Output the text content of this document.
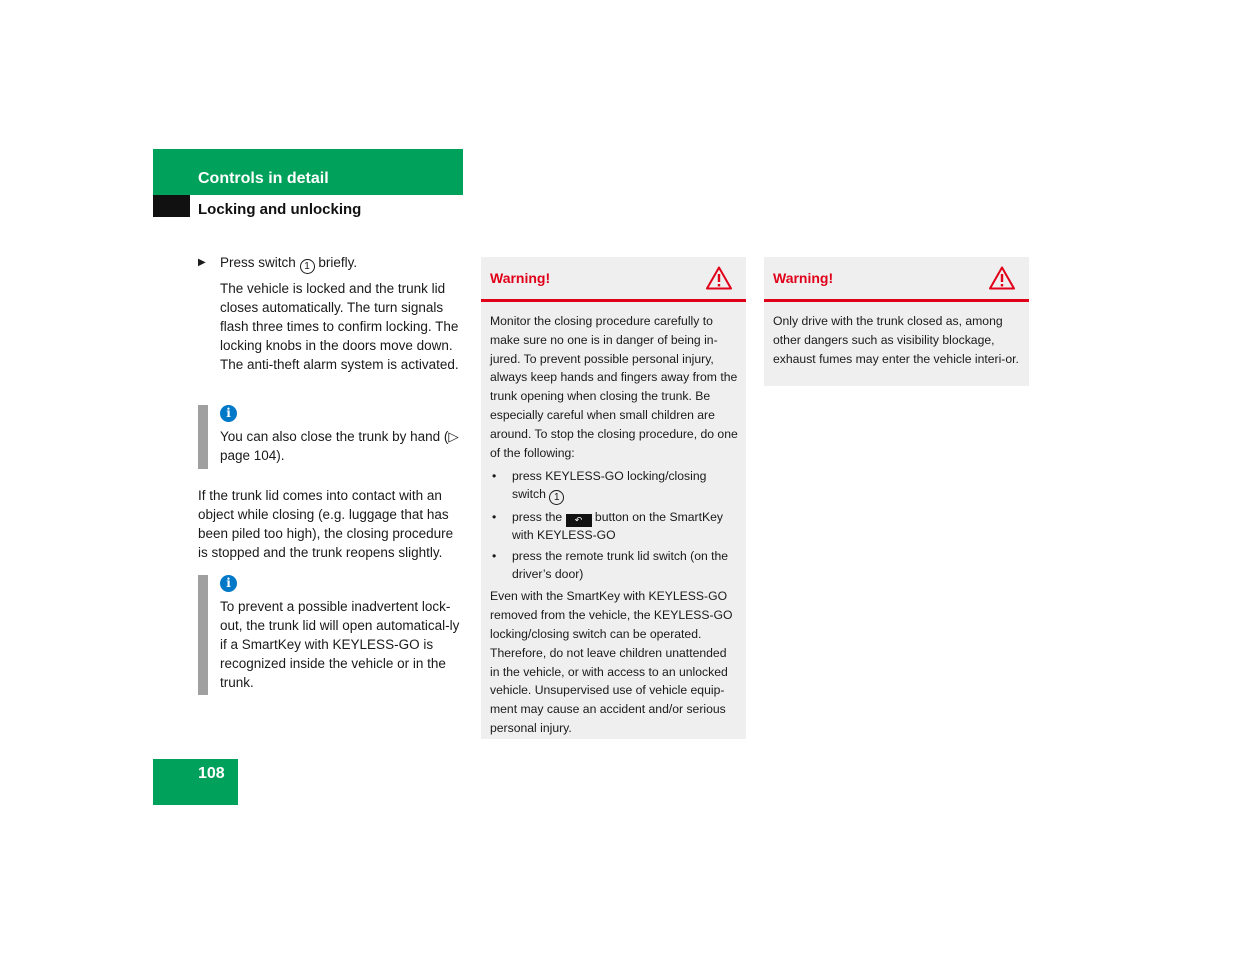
Controls in detail
Locking and unlocking
▶ Press switch 1 briefly.
The vehicle is locked and the trunk lid closes automatically. The turn signals flash three times to confirm locking. The locking knobs in the doors move down. The anti-theft alarm system is activated.
i
You can also close the trunk by hand (▷ page 104).
If the trunk lid comes into contact with an object while closing (e.g. luggage that has been piled too high), the closing procedure is stopped and the trunk reopens slightly.
i
To prevent a possible inadvertent lock-out, the trunk lid will open automatical-ly if a SmartKey with KEYLESS-GO is recognized inside the vehicle or in the trunk.
Warning!

Monitor the closing procedure carefully to make sure no one is in danger of being in-jured. To prevent possible personal injury, always keep hands and fingers away from the trunk opening when closing the trunk. Be especially careful when small children are around. To stop the closing procedure, do one of the following:

• press KEYLESS-GO locking/closing switch 1
• press the ↶ button on the SmartKey with KEYLESS-GO
• press the remote trunk lid switch (on the driver’s door)

Even with the SmartKey with KEYLESS-GO removed from the vehicle, the KEYLESS-GO locking/closing switch can be operated. Therefore, do not leave children unattended in the vehicle, or with access to an unlocked vehicle. Unsupervised use of vehicle equip-ment may cause an accident and/or serious personal injury.

Warning!
Only drive with the trunk closed as, among other dangers such as visibility blockage, exhaust fumes may enter the vehicle interi-or.
108
